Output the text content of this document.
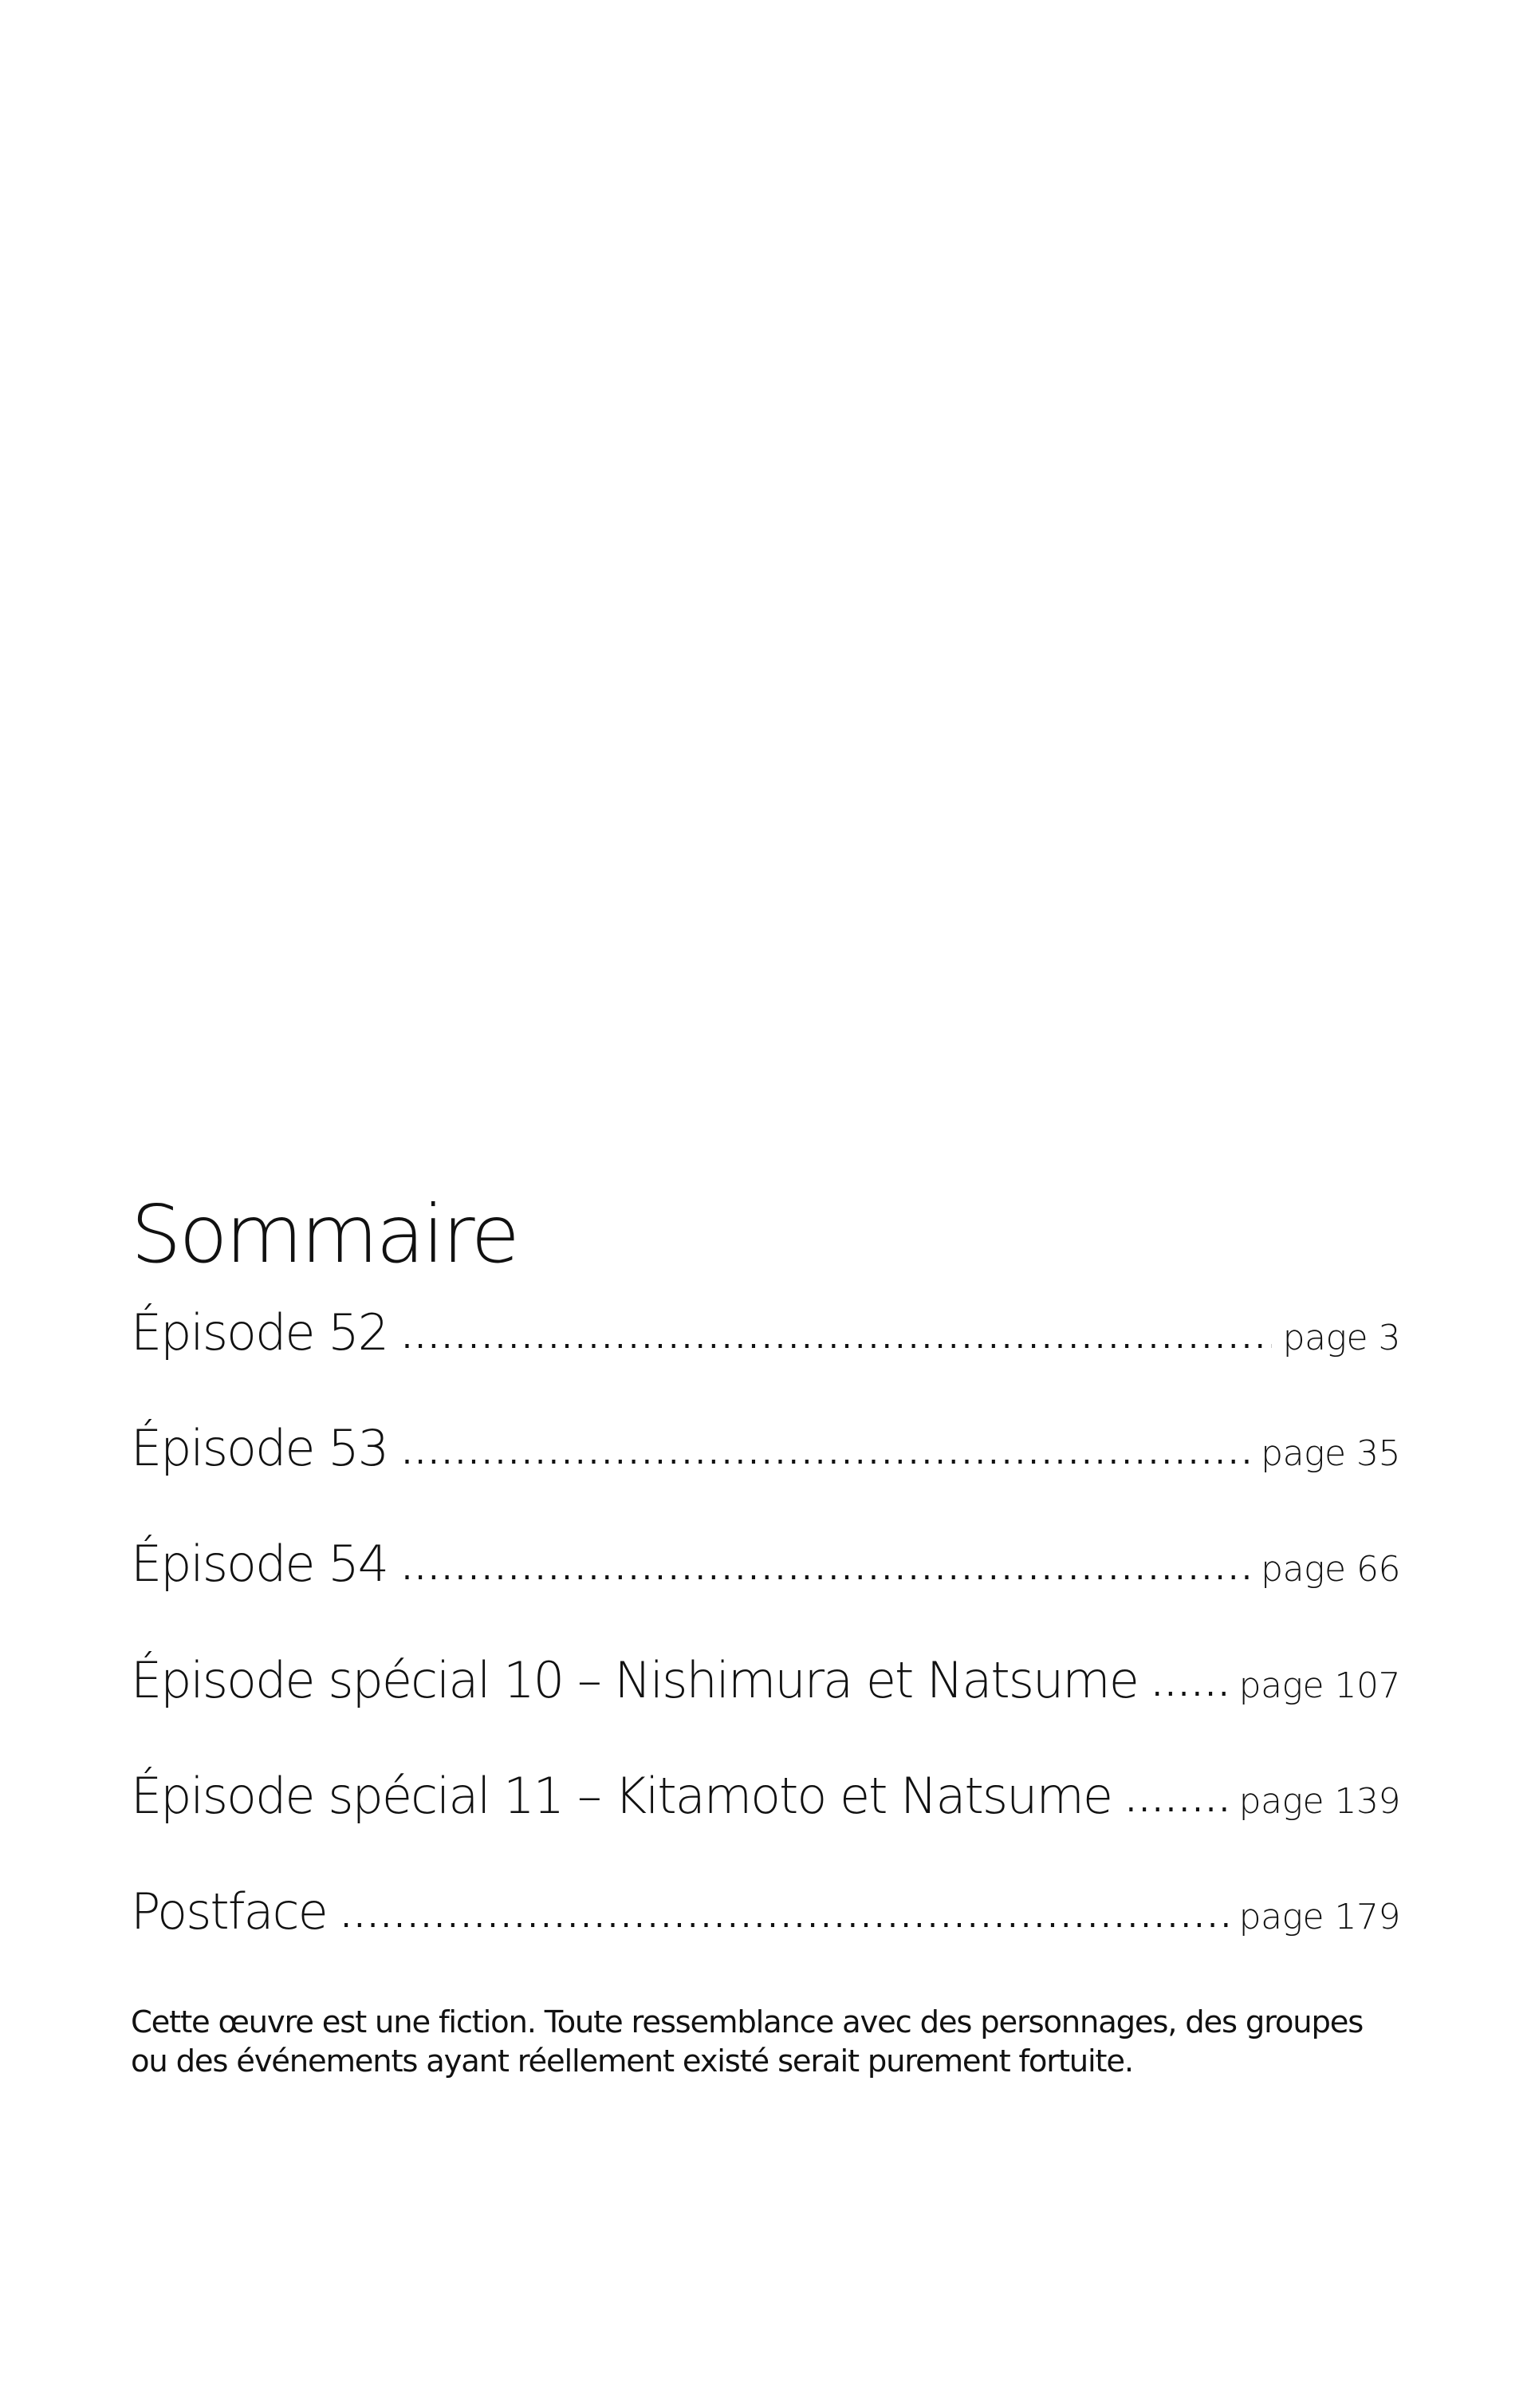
Sommaire
Épisode 52 .....	page 3
Épisode 53 .....	page 35
Épisode 54 .....	page 66
Épisode spécial 10 – Nishimura et Natsume .....	page 107
Épisode spécial 11 – Kitamoto et Natsume .....	page 139
Postface .....	page 179

Cette œuvre est une fiction. Toute ressemblance avec des personnages, des groupes ou des événements ayant réellement existé serait purement fortuite.
